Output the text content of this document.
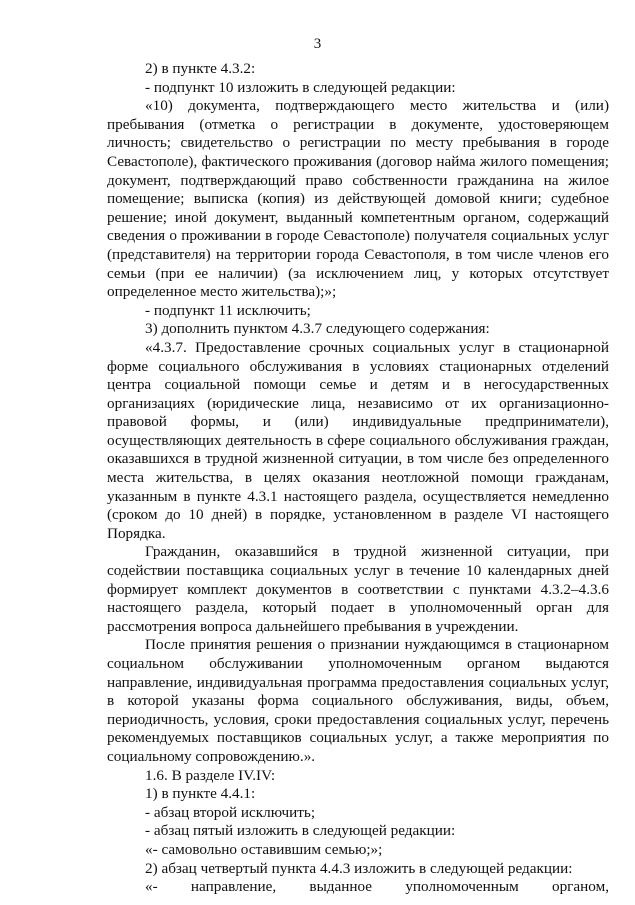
3

2) в пункте 4.3.2:

- подпункт 10 изложить в следующей редакции:

«10) документа, подтверждающего место жительства и (или) пребывания (отметка о регистрации в документе, удостоверяющем личность; свидетельство о регистрации по месту пребывания в городе Севастополе), фактического проживания (договор найма жилого помещения; документ, подтверждающий право собственности гражданина на жилое помещение; выписка (копия) из действующей домовой книги; судебное решение; иной документ, выданный компетентным органом, содержащий сведения о проживании в городе Севастополе) получателя социальных услуг (представителя) на территории города Севастополя, в том числе членов его семьи (при ее наличии) (за исключением лиц, у которых отсутствует определенное место жительства);»;

- подпункт 11 исключить;

3) дополнить пунктом 4.3.7 следующего содержания:

«4.3.7. Предоставление срочных социальных услуг в стационарной форме социального обслуживания в условиях стационарных отделений центра социальной помощи семье и детям и в негосударственных организациях (юридические лица, независимо от их организационно-правовой формы, и (или) индивидуальные предприниматели), осуществляющих деятельность в сфере социального обслуживания граждан, оказавшихся в трудной жизненной ситуации, в том числе без определенного места жительства, в целях оказания неотложной помощи гражданам, указанным в пункте 4.3.1 настоящего раздела, осуществляется немедленно (сроком до 10 дней) в порядке, установленном в разделе VI настоящего Порядка.

Гражданин, оказавшийся в трудной жизненной ситуации, при содействии поставщика социальных услуг в течение 10 календарных дней формирует комплект документов в соответствии с пунктами 4.3.2–4.3.6 настоящего раздела, который подает в уполномоченный орган для рассмотрения вопроса дальнейшего пребывания в учреждении.

После принятия решения о признании нуждающимся в стационарном социальном обслуживании уполномоченным органом выдаются направление, индивидуальная программа предоставления социальных услуг, в которой указаны форма социального обслуживания, виды, объем, периодичность, условия, сроки предоставления социальных услуг, перечень рекомендуемых поставщиков социальных услуг, а также мероприятия по социальному сопровождению.».

1.6. В разделе IV.IV:

1) в пункте 4.4.1:

- абзац второй исключить;

- абзац пятый изложить в следующей редакции:

«- самовольно оставившим семью;»;

2) абзац четвертый пункта 4.4.3 изложить в следующей редакции:

«- направление, выданное уполномоченным органом,
